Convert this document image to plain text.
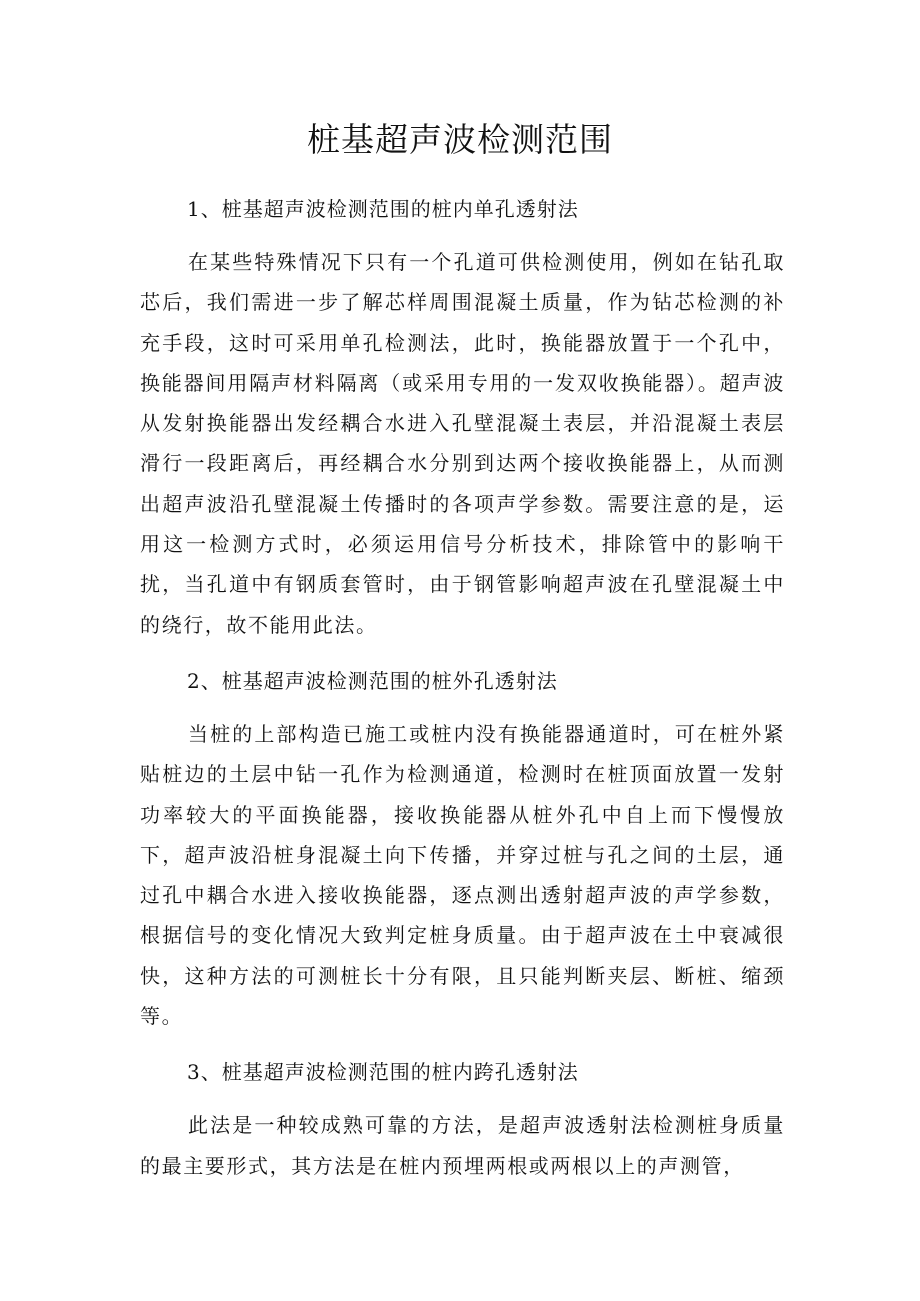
桩基超声波检测范围
1、桩基超声波检测范围的桩内单孔透射法

在某些特殊情况下只有一个孔道可供检测使用，例如在钻孔取芯后，我们需进一步了解芯样周围混凝土质量，作为钻芯检测的补充手段，这时可采用单孔检测法，此时，换能器放置于一个孔中，换能器间用隔声材料隔离（或采用专用的一发双收换能器）。超声波从发射换能器出发经耦合水进入孔壁混凝土表层，并沿混凝土表层滑行一段距离后，再经耦合水分别到达两个接收换能器上，从而测出超声波沿孔壁混凝土传播时的各项声学参数。需要注意的是，运用这一检测方式时，必须运用信号分析技术，排除管中的影响干扰，当孔道中有钢质套管时，由于钢管影响超声波在孔壁混凝土中的绕行，故不能用此法。

2、桩基超声波检测范围的桩外孔透射法

当桩的上部构造已施工或桩内没有换能器通道时，可在桩外紧贴桩边的土层中钻一孔作为检测通道，检测时在桩顶面放置一发射功率较大的平面换能器，接收换能器从桩外孔中自上而下慢慢放下，超声波沿桩身混凝土向下传播，并穿过桩与孔之间的土层，通过孔中耦合水进入接收换能器，逐点测出透射超声波的声学参数，根据信号的变化情况大致判定桩身质量。由于超声波在土中衰减很快，这种方法的可测桩长十分有限，且只能判断夹层、断桩、缩颈等。

3、桩基超声波检测范围的桩内跨孔透射法

此法是一种较成熟可靠的方法，是超声波透射法检测桩身质量的最主要形式，其方法是在桩内预埋两根或两根以上的声测管，
